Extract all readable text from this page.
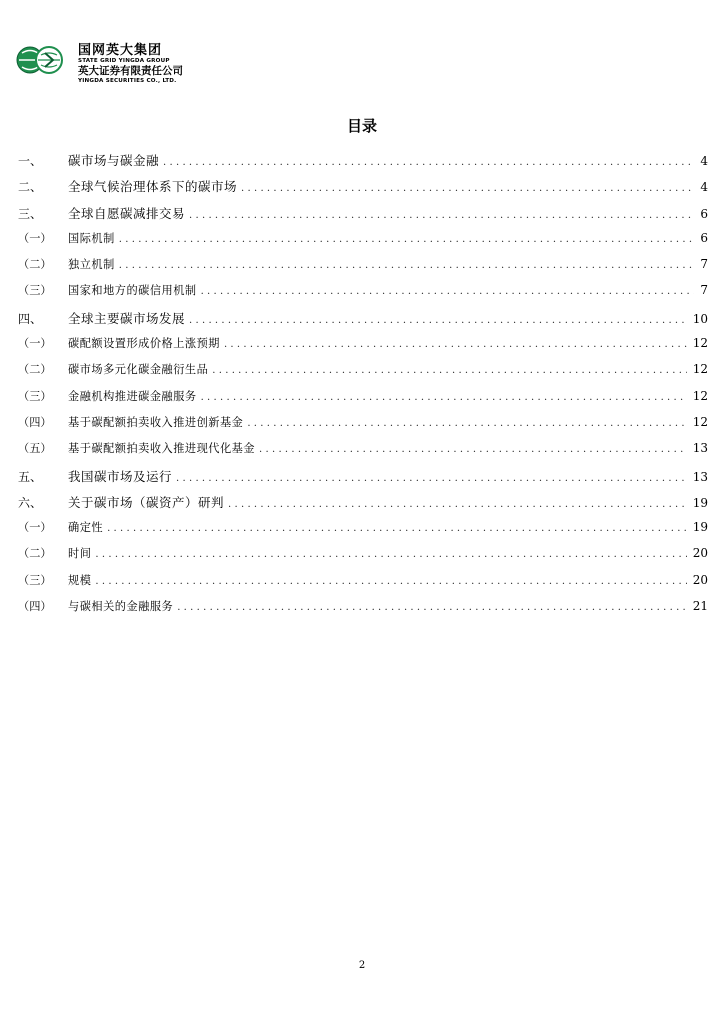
国网英大集团
STATE GRID YINGDA GROUP
英大证券有限责任公司
YINGDA SECURITIES CO., LTD.
目录
一、	碳市场与碳金融 .....	4
二、	全球气候治理体系下的碳市场 .....	4
三、	全球自愿碳减排交易 .....	6
（一）	国际机制 .....	6
（二）	独立机制 .....	7
（三）	国家和地方的碳信用机制 .....	7
四、	全球主要碳市场发展 .....	10
（一）	碳配额设置形成价格上涨预期 .....	12
（二）	碳市场多元化碳金融衍生品 .....	12
（三）	金融机构推进碳金融服务 .....	12
（四）	基于碳配额拍卖收入推进创新基金 .....	12
（五）	基于碳配额拍卖收入推进现代化基金 .....	13
五、	我国碳市场及运行 .....	13
六、	关于碳市场（碳资产）研判 .....	19
（一）	确定性 .....	19
（二）	时间 .....	20
（三）	规模 .....	20
（四）	与碳相关的金融服务 .....	21
2
